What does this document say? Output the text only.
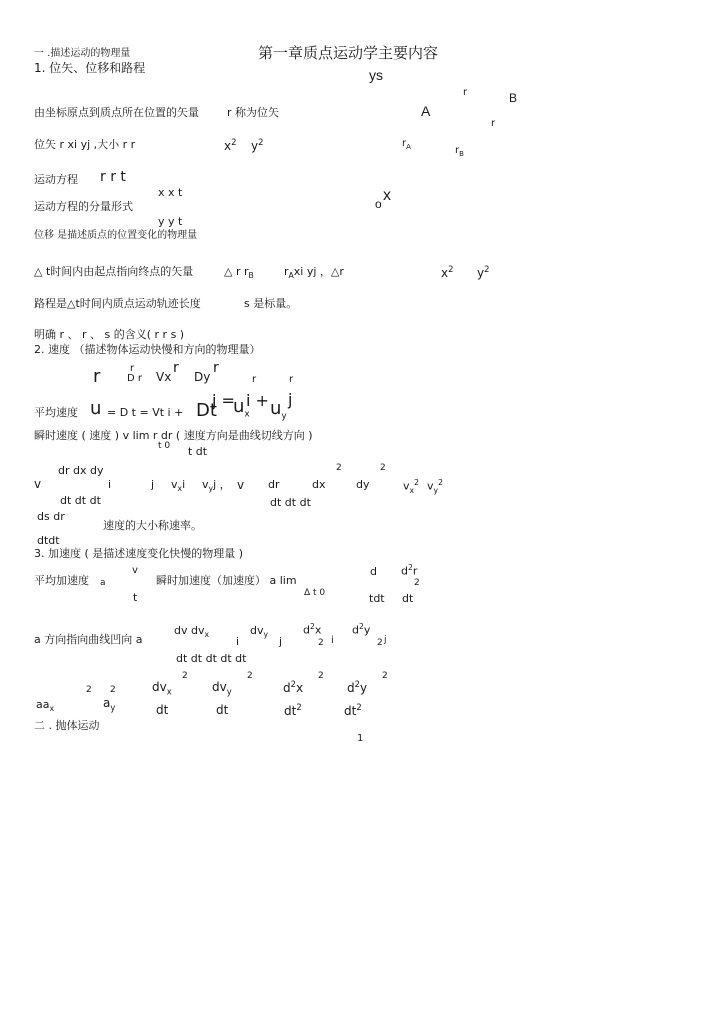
第一章质点运动学主要内容
一 .描述运动的物理量
1. 位矢、位移和路程	ys
r	B
A
r
$r_A$	$r_B$
o x
由坐标原点到质点所在位置的矢量	r 称为位矢
位矢 r xi yj ,大小 r r	$x^2$ $y^2$
运动方程 r r t
x x t
运动方程的分量形式
y y t
位移 是描述质点的位置变化的物理量
△ t时间内由起点指向终点的矢量	△ r $r_B$	$r_Axi$ yj ，△r	$x^2$ $y^2$
路程是△t时间内质点运动轨迹长度	s 是标量。
明确 r 、 r 、 s 的含义( r r s )
2. 速度 （描述物体运动快慢和方向的物理量）
r	r
D r Vx
r
Dy
r
r	r
平均速度 u = D t = Vt i + Dt
j =
$u_x$
$i + u_y$
j
瞬时速度 ( 速度 ) v lim r dr ( 速度方向是曲线切线方向 )
t 0 t dt
dr dx dy	2	2
v	i	j $v_xi$ $v_yj$ ， v dr	dx	dy	$v_x^2$ $v_y^2$
dt dt dt	dt dt dt
ds dr
速度的大小称速率。
dtdt
3. 加速度 ( 是描述速度变化快慢的物理量 )
v	d $d^2r$
平均加速度 a	瞬时加速度（加速度） a lim	2
t	Δ t 0	tdt dt
dv $dv_x$	$dv_y$	$d^2x$	$d^2y$
a 方向指向曲线凹向 a	i	j	2 i	2 j
dt dt dt dt dt
2	2	2	2
2 2	$dv_x$	$dv_y$	$d^2x$	$d^2y$
$aa_x$	$a_y$	dt	dt	$dt^2$	$dt^2$
二 . 抛体运动
1
